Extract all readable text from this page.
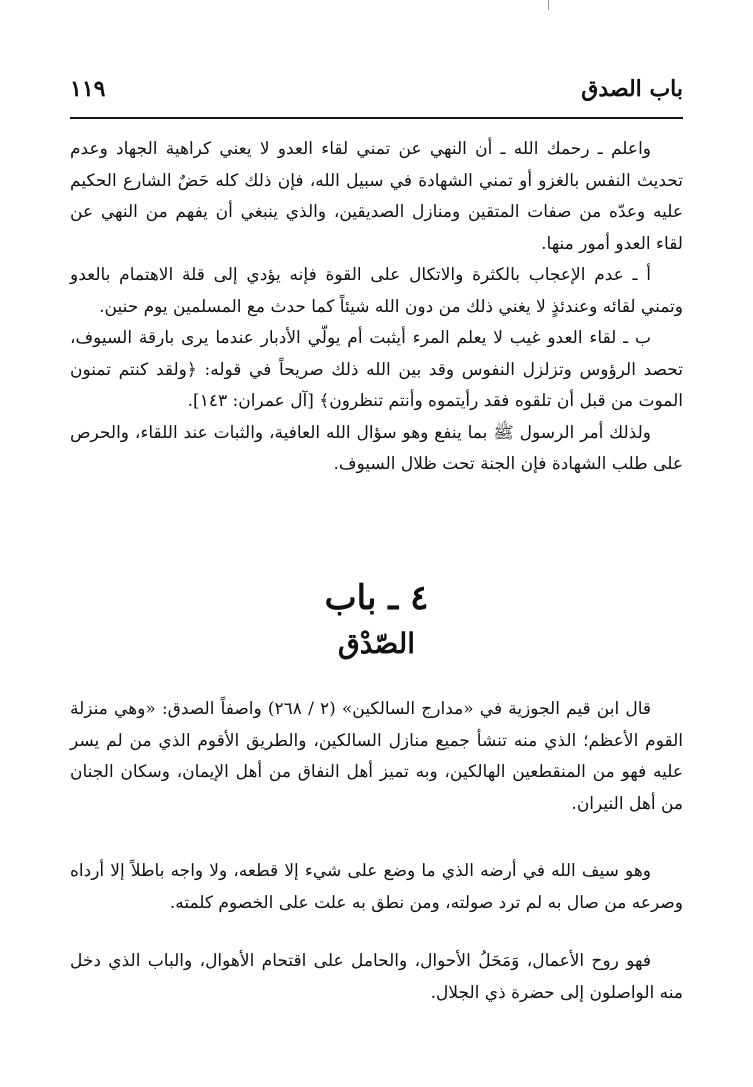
باب الصدق
١١٩

واعلم ـ رحمك الله ـ أن النهي عن تمني لقاء العدو لا يعني كراهية الجهاد وعدم تحديث النفس بالغزو أو تمني الشهادة في سبيل الله، فإن ذلك كله حَضٌ الشارع الحكيم عليه وعدّه من صفات المتقين ومنازل الصديقين، والذي ينبغي أن يفهم من النهي عن لقاء العدو أمور منها.

أ ـ عدم الإعجاب بالكثرة والاتكال على القوة فإنه يؤدي إلى قلة الاهتمام بالعدو وتمني لقائه وعندئذٍ لا يغني ذلك من دون الله شيئاً كما حدث مع المسلمين يوم حنين.

ب ـ لقاء العدو غيب لا يعلم المرء أيثبت أم يولّي الأدبار عندما يرى بارقة السيوف، تحصد الرؤوس وتزلزل النفوس وقد بين الله ذلك صريحاً في قوله: ﴿ولقد كنتم تمنون الموت من قبل أن تلقوه فقد رأيتموه وأنتم تنظرون﴾ [آل عمران: ١٤٣].

ولذلك أمر الرسول ﷺ بما ينفع وهو سؤال الله العافية، والثبات عند اللقاء، والحرص على طلب الشهادة فإن الجنة تحت ظلال السيوف.

٤ ـ باب
الصّدْق

قال ابن قيم الجوزية في «مدارج السالكين» (٢ / ٢٦٨) واصفاً الصدق: «وهي منزلة القوم الأعظم؛ الذي منه تنشأ جميع منازل السالكين، والطريق الأقوم الذي من لم يسر عليه فهو من المنقطعين الهالكين، وبه تميز أهل النفاق من أهل الإيمان، وسكان الجنان من أهل النيران.

وهو سيف الله في أرضه الذي ما وضع على شيء إلا قطعه، ولا واجه باطلاً إلا أرداه وصرعه من صال به لم ترد صولته، ومن نطق به علت على الخصوم كلمته.

فهو روح الأعمال، وَمَحَلُ الأحوال، والحامل على اقتحام الأهوال، والباب الذي دخل منه الواصلون إلى حضرة ذي الجلال.
